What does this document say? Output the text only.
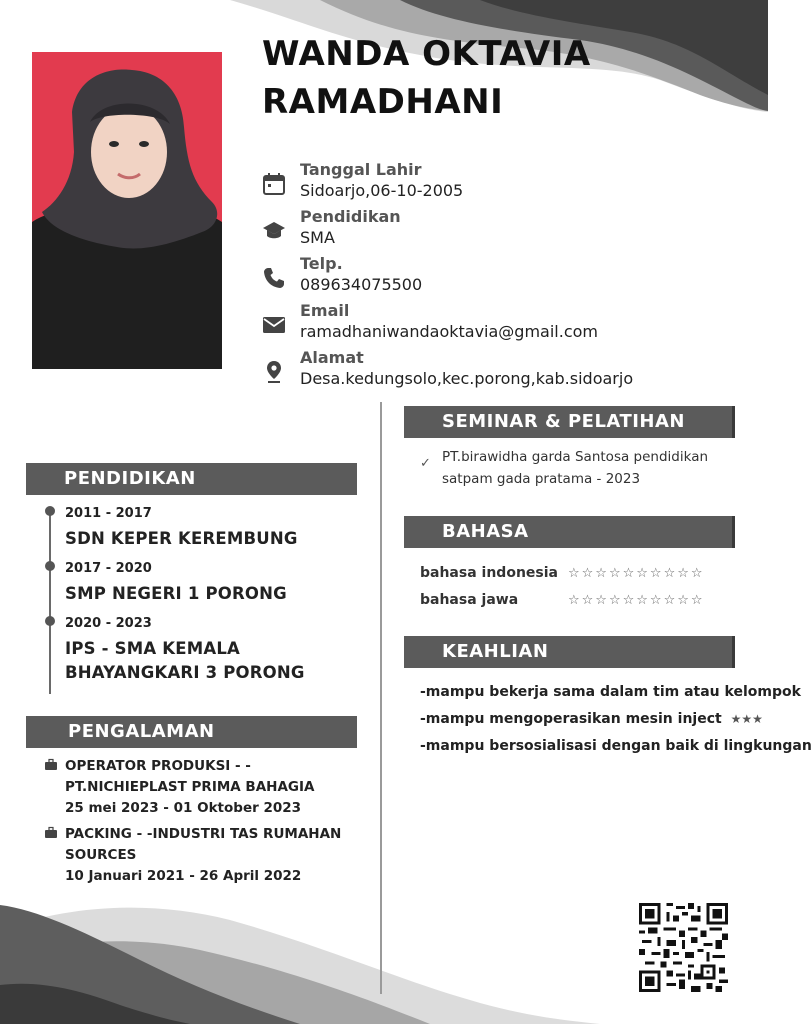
WANDA OKTAVIA
RAMADHANI
Tanggal Lahir
Sidoarjo,06-10-2005
Pendidikan
SMA
Telp.
089634075500
Email
ramadhaniwandaoktavia@gmail.com
Alamat
Desa.kedungsolo,kec.porong,kab.sidoarjo
PENDIDIKAN
2011 - 2017
SDN KEPER KEREMBUNG
2017 - 2020
SMP NEGERI 1 PORONG
2020 - 2023
IPS - SMA KEMALA
BHAYANGKARI 3 PORONG
PENGALAMAN
OPERATOR PRODUKSI - -
PT.NICHIEPLAST PRIMA BAHAGIA
25 mei 2023 - 01 Oktober 2023
PACKING - -INDUSTRI TAS RUMAHAN
SOURCES
10 Januari 2021 - 26 April 2022
SEMINAR & PELATIHAN
✓ PT.birawidha garda Santosa pendidikan
satpam gada pratama - 2023
BAHASA
bahasa indonesia ☆☆☆☆☆☆☆☆☆☆
bahasa jawa	☆☆☆☆☆☆☆☆☆☆
KEAHLIAN
-mampu bekerja sama dalam tim atau kelompok
-mampu mengoperasikan mesin inject ★★★
-mampu bersosialisasi dengan baik di lingkungan
